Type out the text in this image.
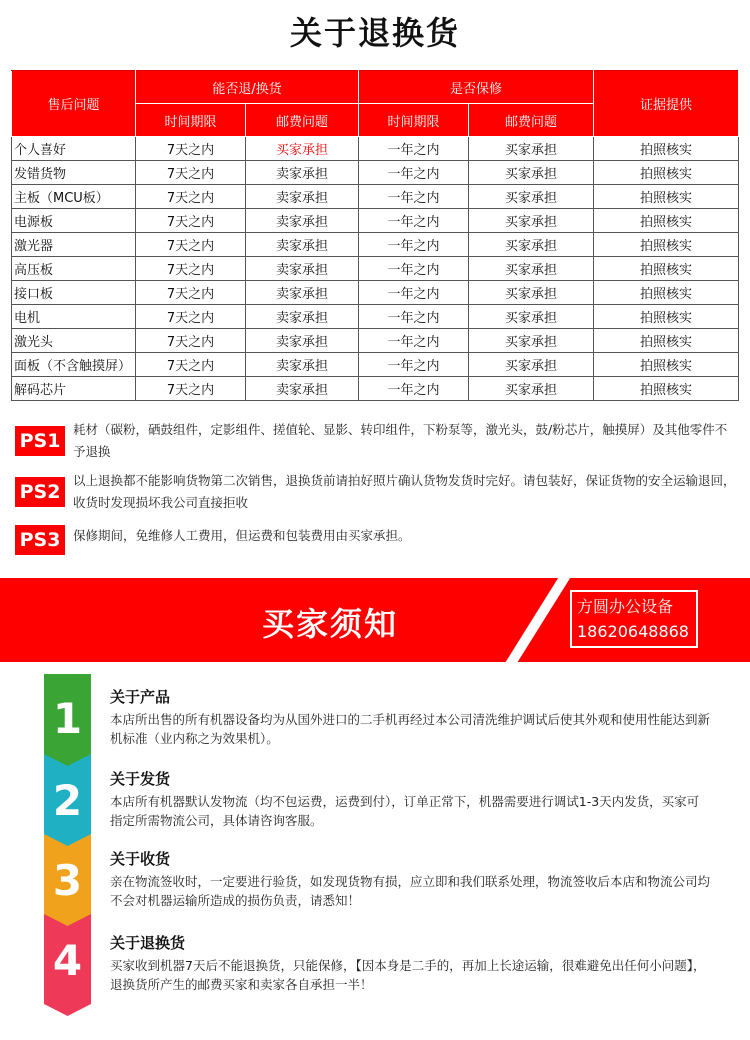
关于退换货
售后问题	能否退/换货		是否保修		证据提供
	时间期限	邮费问题	时间期限	邮费问题	
个人喜好	7天之内	买家承担	一年之内	买家承担	拍照核实
发错货物	7天之内	卖家承担	一年之内	买家承担	拍照核实
主板（MCU板）	7天之内	卖家承担	一年之内	买家承担	拍照核实
电源板	7天之内	卖家承担	一年之内	买家承担	拍照核实
激光器	7天之内	卖家承担	一年之内	买家承担	拍照核实
高压板	7天之内	卖家承担	一年之内	买家承担	拍照核实
接口板	7天之内	卖家承担	一年之内	买家承担	拍照核实
电机	7天之内	卖家承担	一年之内	买家承担	拍照核实
激光头	7天之内	卖家承担	一年之内	买家承担	拍照核实
面板（不含触摸屏）	7天之内	卖家承担	一年之内	买家承担	拍照核实
解码芯片	7天之内	卖家承担	一年之内	买家承担	拍照核实
PS1
耗材（碳粉，硒鼓组件，定影组件、搓值轮、显影、转印组件，下粉泵等，激光头，鼓/粉芯片，触摸屏）及其他零件不予退换
PS2
以上退换都不能影响货物第二次销售，退换货前请拍好照片确认货物发货时完好。请包装好，保证货物的安全运输退回，收货时发现损坏我公司直接拒收
PS3	保修期间，免维修人工费用，但运费和包装费用由买家承担。
买家须知	方圆办公设备
18620648868
1
2
3
4
关于产品
本店所出售的所有机器设备均为从国外进口的二手机再经过本公司清洗维护调试后使其外观和使用性能达到新机标准（业内称之为效果机）。
关于发货
本店所有机器默认发物流（均不包运费，运费到付），订单正常下，机器需要进行调试1-3天内发货，买家可指定所需物流公司，具体请咨询客服。
关于收货
亲在物流签收时，一定要进行验货，如发现货物有损，应立即和我们联系处理，物流签收后本店和物流公司均不会对机器运输所造成的损伤负责，请悉知！
关于退换货
买家收到机器7天后不能退换货，只能保修，【因本身是二手的，再加上长途运输，很难避免出任何小问题】，退换货所产生的邮费买家和卖家各自承担一半！
